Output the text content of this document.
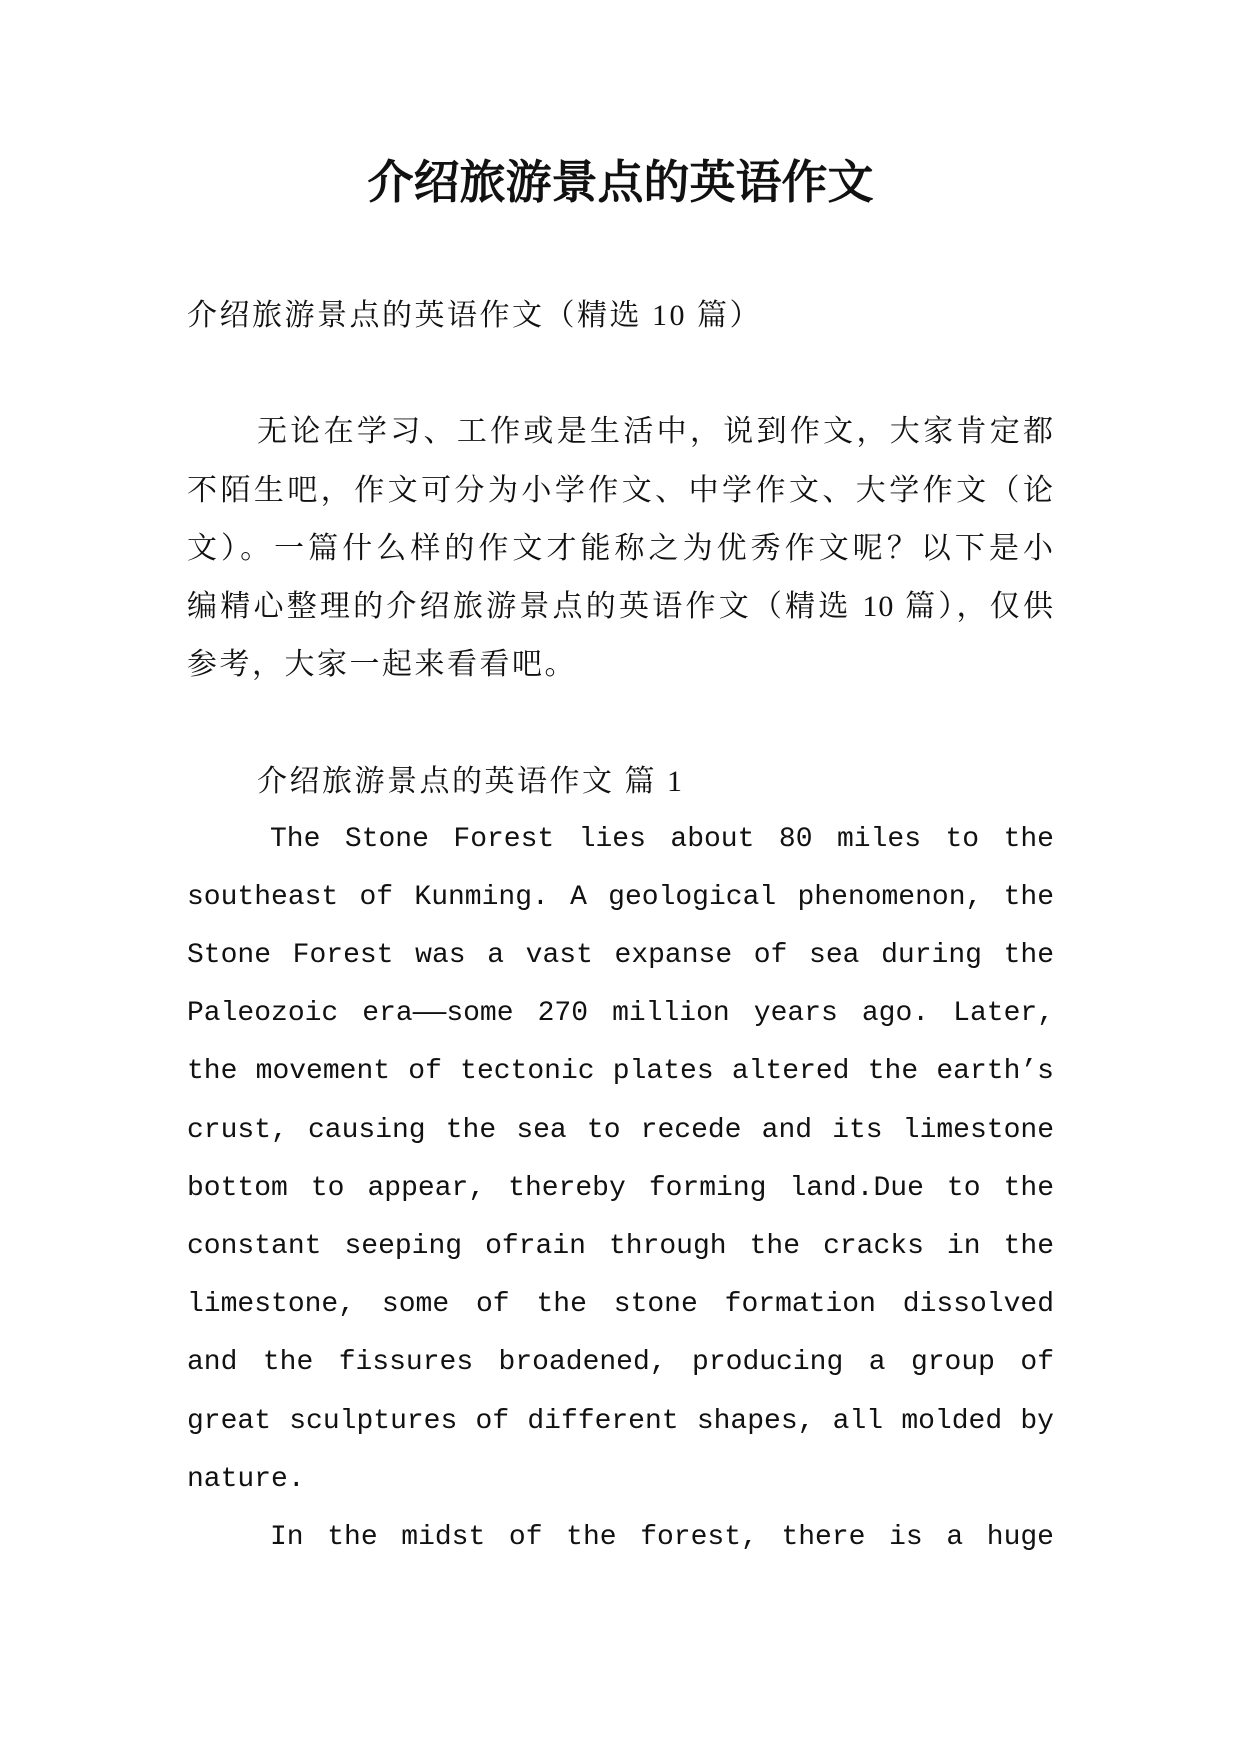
介绍旅游景点的英语作文
介绍旅游景点的英语作文（精选 10 篇）
无论在学习、工作或是生活中，说到作文，大家肯定都
不陌生吧，作文可分为小学作文、中学作文、大学作文（论
文）。一篇什么样的作文才能称之为优秀作文呢？以下是小
编精心整理的介绍旅游景点的英语作文（精选 10 篇），仅供
参考，大家一起来看看吧。
介绍旅游景点的英语作文 篇 1
The Stone Forest lies about 80 miles to the
southeast of Kunming. A geological phenomenon, the
Stone Forest was a vast expanse of sea during the
Paleozoic era——some 270 million years ago. Later,
the movement of tectonic plates altered the earth’s
crust, causing the sea to recede and its limestone
bottom to appear, thereby forming land.Due to the
constant seeping ofrain through the cracks in the
limestone, some of the stone formation dissolved
and the fissures broadened, producing a group of
great sculptures of different shapes, all molded by
nature.
In the midst of the forest, there is a huge
